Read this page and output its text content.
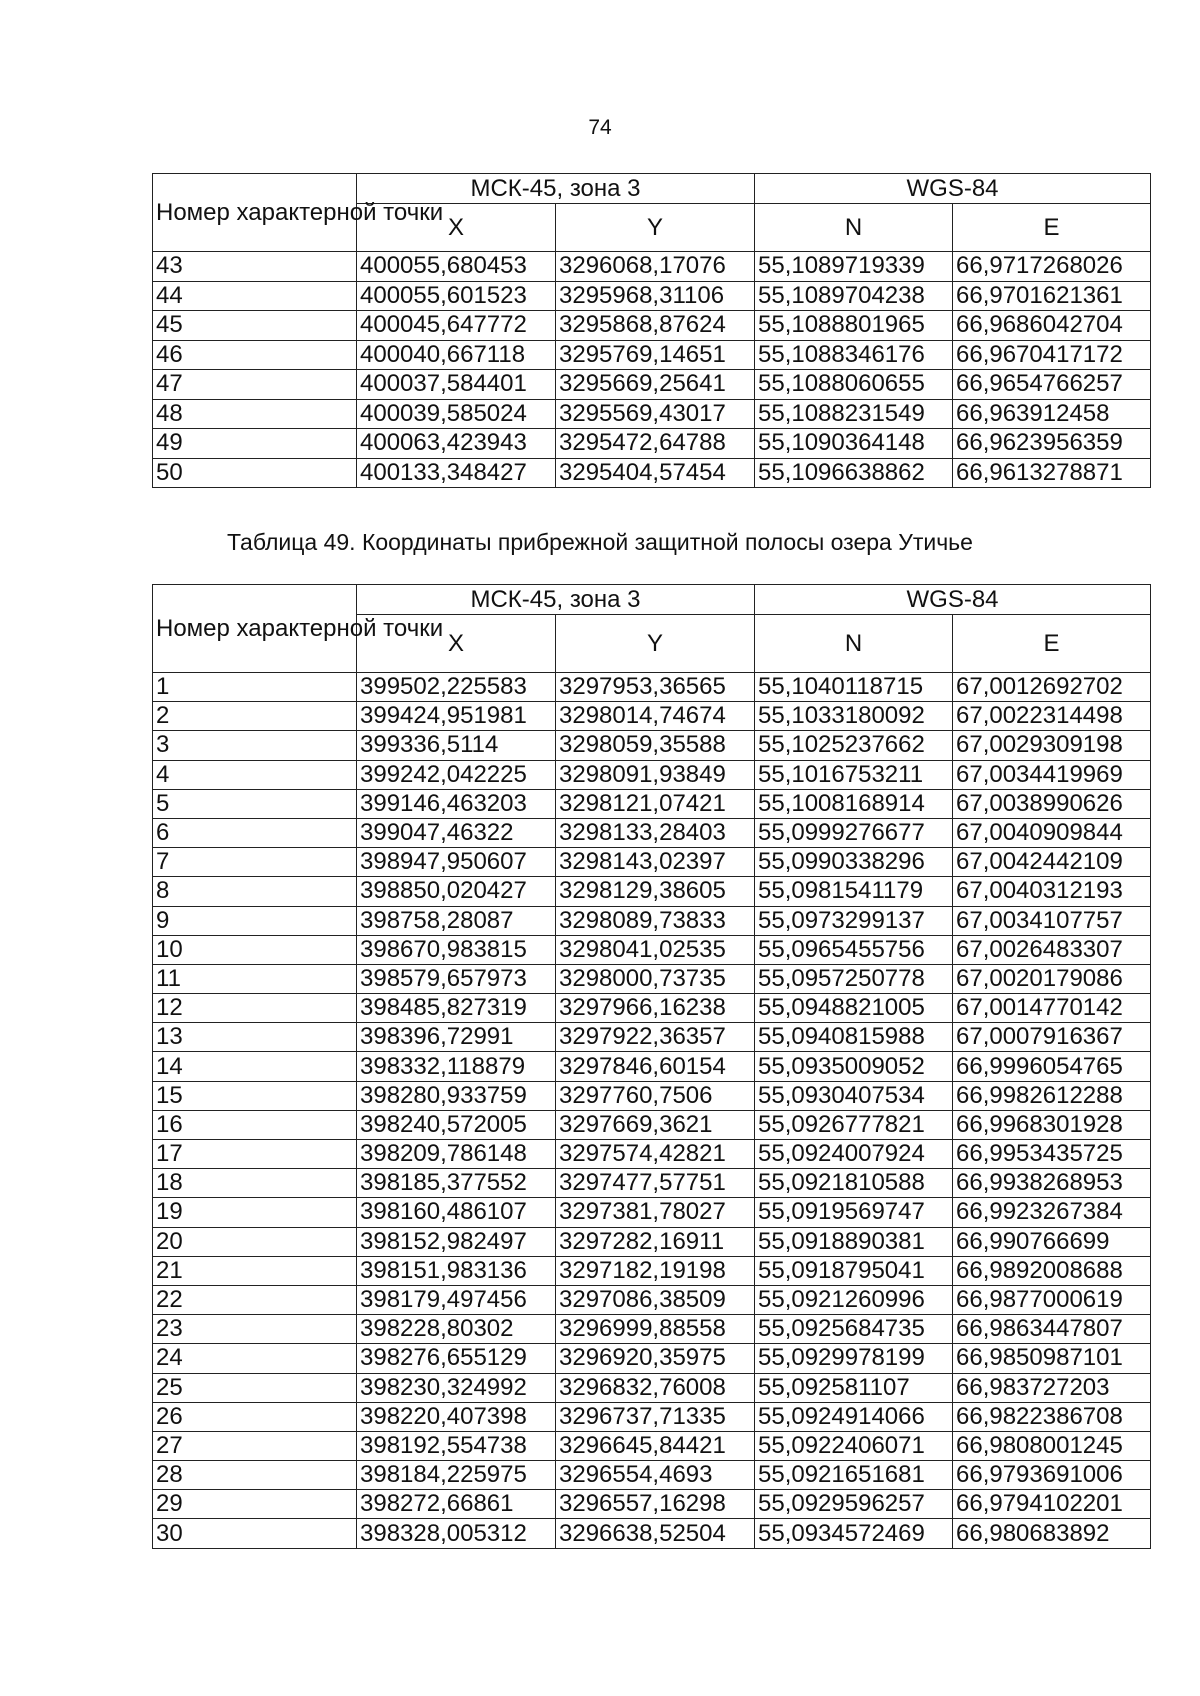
74
Номер характерной точки	МСК-45, зона 3		WGS-84	
	X	Y	N	E
43	400055,680453	3296068,17076	55,1089719339	66,9717268026
44	400055,601523	3295968,31106	55,1089704238	66,9701621361
45	400045,647772	3295868,87624	55,1088801965	66,9686042704
46	400040,667118	3295769,14651	55,1088346176	66,9670417172
47	400037,584401	3295669,25641	55,1088060655	66,9654766257
48	400039,585024	3295569,43017	55,1088231549	66,963912458
49	400063,423943	3295472,64788	55,1090364148	66,9623956359
50	400133,348427	3295404,57454	55,1096638862	66,9613278871
Таблица 49. Координаты прибрежной защитной полосы озера Утичье
Номер характерной точки	МСК-45, зона 3		WGS-84	
	X	Y	N	E
1	399502,225583	3297953,36565	55,1040118715	67,0012692702
2	399424,951981	3298014,74674	55,1033180092	67,0022314498
3	399336,5114	3298059,35588	55,1025237662	67,0029309198
4	399242,042225	3298091,93849	55,1016753211	67,0034419969
5	399146,463203	3298121,07421	55,1008168914	67,0038990626
6	399047,46322	3298133,28403	55,0999276677	67,0040909844
7	398947,950607	3298143,02397	55,0990338296	67,0042442109
8	398850,020427	3298129,38605	55,0981541179	67,0040312193
9	398758,28087	3298089,73833	55,0973299137	67,0034107757
10	398670,983815	3298041,02535	55,0965455756	67,0026483307
11	398579,657973	3298000,73735	55,0957250778	67,0020179086
12	398485,827319	3297966,16238	55,0948821005	67,0014770142
13	398396,72991	3297922,36357	55,0940815988	67,0007916367
14	398332,118879	3297846,60154	55,0935009052	66,9996054765
15	398280,933759	3297760,7506	55,0930407534	66,9982612288
16	398240,572005	3297669,3621	55,0926777821	66,9968301928
17	398209,786148	3297574,42821	55,0924007924	66,9953435725
18	398185,377552	3297477,57751	55,0921810588	66,9938268953
19	398160,486107	3297381,78027	55,0919569747	66,9923267384
20	398152,982497	3297282,16911	55,0918890381	66,990766699
21	398151,983136	3297182,19198	55,0918795041	66,9892008688
22	398179,497456	3297086,38509	55,0921260996	66,9877000619
23	398228,80302	3296999,88558	55,0925684735	66,9863447807
24	398276,655129	3296920,35975	55,0929978199	66,9850987101
25	398230,324992	3296832,76008	55,092581107	66,983727203
26	398220,407398	3296737,71335	55,0924914066	66,9822386708
27	398192,554738	3296645,84421	55,0922406071	66,9808001245
28	398184,225975	3296554,4693	55,0921651681	66,9793691006
29	398272,66861	3296557,16298	55,0929596257	66,9794102201
30	398328,005312	3296638,52504	55,0934572469	66,980683892
